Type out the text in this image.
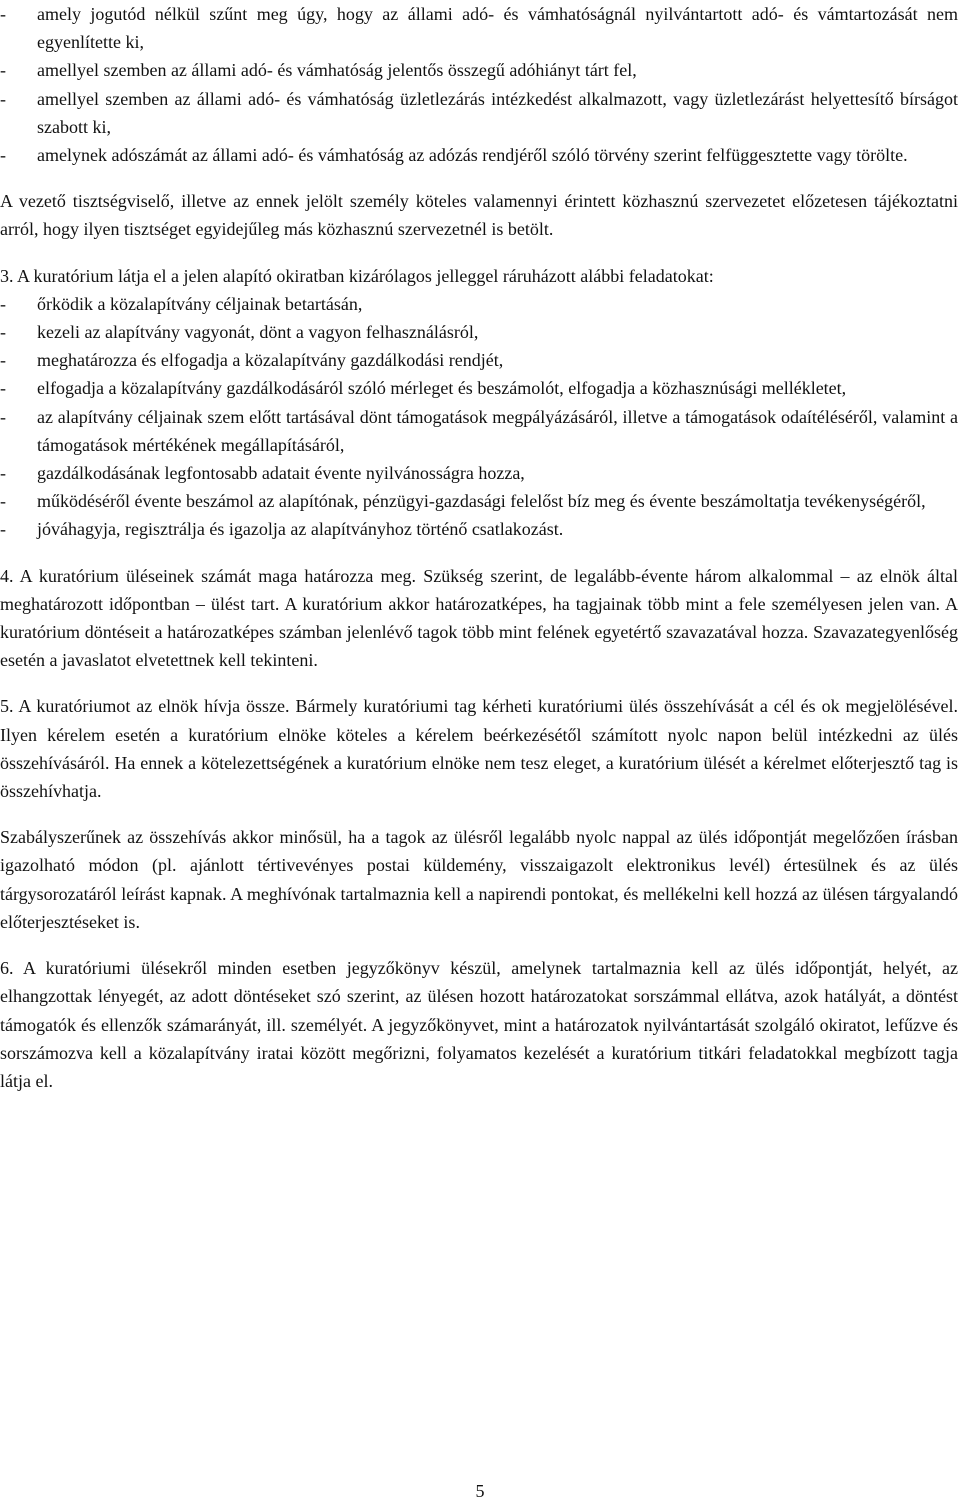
- amely jogutód nélkül szűnt meg úgy, hogy az állami adó- és vámhatóságnál nyilvántartott adó- és vámtartozását nem egyenlítette ki,
- amellyel szemben az állami adó- és vámhatóság jelentős összegű adóhiányt tárt fel,
- amellyel szemben az állami adó- és vámhatóság üzletlezárás intézkedést alkalmazott, vagy üzletlezárást helyettesítő bírságot szabott ki,
- amelynek adószámát az állami adó- és vámhatóság az adózás rendjéről szóló törvény szerint felfüggesztette vagy törölte.

A vezető tisztségviselő, illetve az ennek jelölt személy köteles valamennyi érintett közhasznú szervezetet előzetesen tájékoztatni arról, hogy ilyen tisztséget egyidejűleg más közhasznú szervezetnél is betölt.

3. A kuratórium látja el a jelen alapító okiratban kizárólagos jelleggel ráruházott alábbi feladatokat:

- őrködik a közalapítvány céljainak betartásán,
- kezeli az alapítvány vagyonát, dönt a vagyon felhasználásról,
- meghatározza és elfogadja a közalapítvány gazdálkodási rendjét,
- elfogadja a közalapítvány gazdálkodásáról szóló mérleget és beszámolót, elfogadja a közhasznúsági mellékletet,
- az alapítvány céljainak szem előtt tartásával dönt támogatások megpályázásáról, illetve a támogatások odaítéléséről, valamint a támogatások mértékének megállapításáról,
- gazdálkodásának legfontosabb adatait évente nyilvánosságra hozza,
- működéséről évente beszámol az alapítónak, pénzügyi-gazdasági felelőst bíz meg és évente beszámoltatja tevékenységéről,
- jóváhagyja, regisztrálja és igazolja az alapítványhoz történő csatlakozást.

4. A kuratórium üléseinek számát maga határozza meg. Szükség szerint, de legalább-évente három alkalommal – az elnök által meghatározott időpontban – ülést tart. A kuratórium akkor határozatképes, ha tagjainak több mint a fele személyesen jelen van. A kuratórium döntéseit a határozatképes számban jelenlévő tagok több mint felének egyetértő szavazatával hozza. Szavazategyenlőség esetén a javaslatot elvetettnek kell tekinteni.

5. A kuratóriumot az elnök hívja össze. Bármely kuratóriumi tag kérheti kuratóriumi ülés összehívását a cél és ok megjelölésével. Ilyen kérelem esetén a kuratórium elnöke köteles a kérelem beérkezésétől számított nyolc napon belül intézkedni az ülés összehívásáról. Ha ennek a kötelezettségének a kuratórium elnöke nem tesz eleget, a kuratórium ülését a kérelmet előterjesztő tag is összehívhatja.

Szabályszerűnek az összehívás akkor minősül, ha a tagok az ülésről legalább nyolc nappal az ülés időpontját megelőzően írásban igazolható módon (pl. ajánlott tértivevényes postai küldemény, visszaigazolt elektronikus levél) értesülnek és az ülés tárgysorozatáról leírást kapnak. A meghívónak tartalmaznia kell a napirendi pontokat, és mellékelni kell hozzá az ülésen tárgyalandó előterjesztéseket is.

6. A kuratóriumi ülésekről minden esetben jegyzőkönyv készül, amelynek tartalmaznia kell az ülés időpontját, helyét, az elhangzottak lényegét, az adott döntéseket szó szerint, az ülésen hozott határozatokat sorszámmal ellátva, azok hatályát, a döntést támogatók és ellenzők számarányát, ill. személyét. A jegyzőkönyvet, mint a határozatok nyilvántartását szolgáló okiratot, lefűzve és sorszámozva kell a közalapítvány iratai között megőrizni, folyamatos kezelését a kuratórium titkári feladatokkal megbízott tagja látja el.

5
